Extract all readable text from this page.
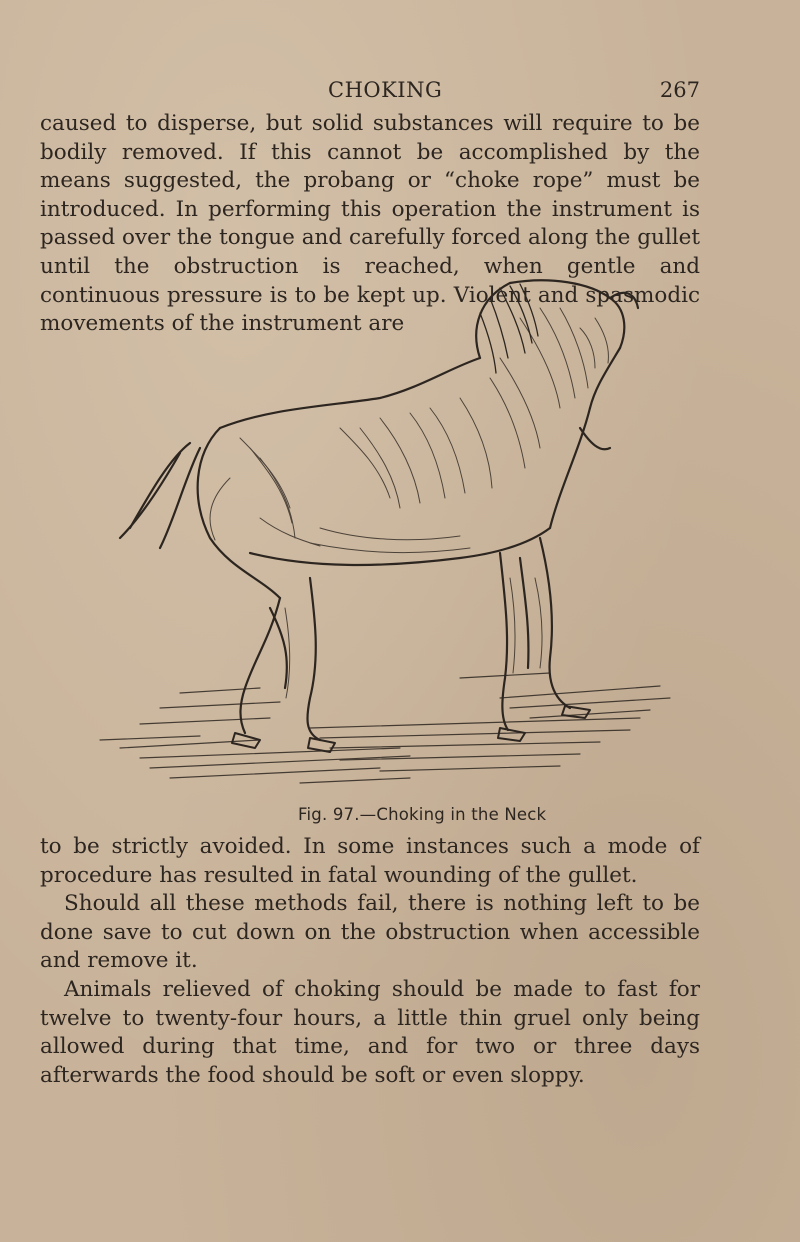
CHOKING	267

caused to disperse, but solid substances will require to be bodily removed. If this cannot be accomplished by the means suggested, the probang or “choke rope” must be introduced. In performing this operation the instrument is passed over the tongue and carefully forced along the gullet until the obstruction is reached, when gentle and continuous pressure is to be kept up. Violent and spasmodic movements of the instrument are

Fig. 97.—Choking in the Neck

to be strictly avoided. In some instances such a mode of procedure has resulted in fatal wounding of the gullet.

Should all these methods fail, there is nothing left to be done save to cut down on the obstruction when accessible and remove it.

Animals relieved of choking should be made to fast for twelve to twenty-four hours, a little thin gruel only being allowed during that time, and for two or three days afterwards the food should be soft or even sloppy.
